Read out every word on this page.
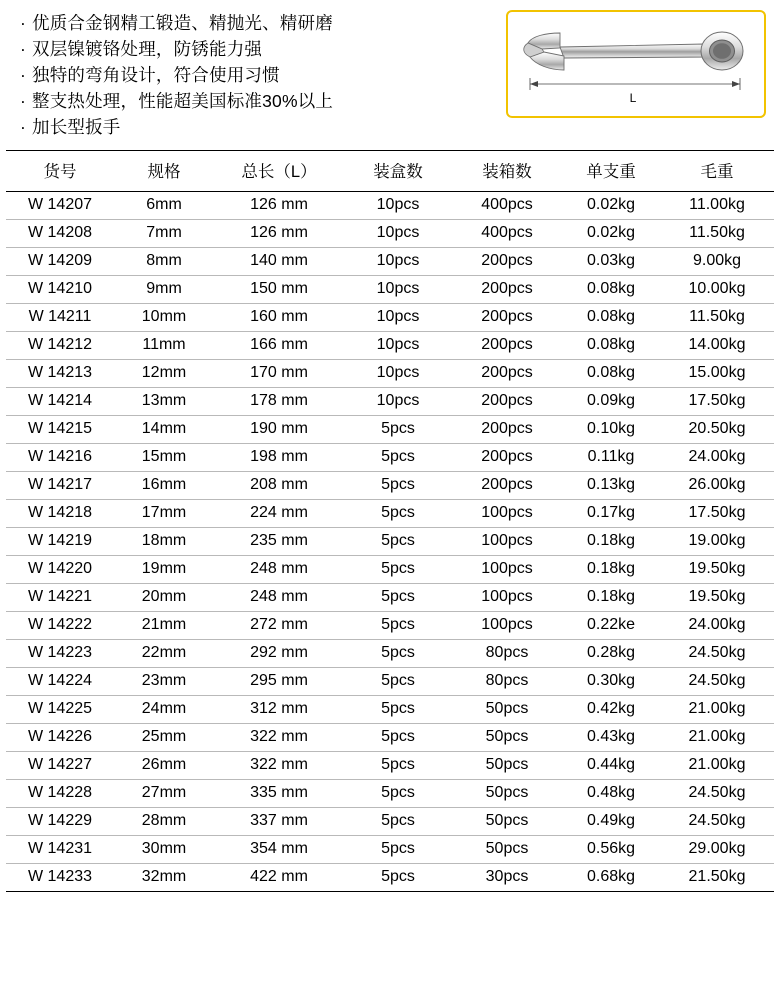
· 优质合金钢精工锻造、精抛光、精研磨
· 双层镍镀铬处理，防锈能力强
· 独特的弯角设计，符合使用习惯
· 整支热处理，性能超美国标准30%以上
· 加长型扳手
L
货号	规格	总长（L）	装盒数	装箱数	单支重	毛重
W 14207	6mm	126 mm	10pcs	400pcs	0.02kg	11.00kg
W 14208	7mm	126 mm	10pcs	400pcs	0.02kg	11.50kg
W 14209	8mm	140 mm	10pcs	200pcs	0.03kg	9.00kg
W 14210	9mm	150 mm	10pcs	200pcs	0.08kg	10.00kg
W 14211	10mm	160 mm	10pcs	200pcs	0.08kg	11.50kg
W 14212	11mm	166 mm	10pcs	200pcs	0.08kg	14.00kg
W 14213	12mm	170 mm	10pcs	200pcs	0.08kg	15.00kg
W 14214	13mm	178 mm	10pcs	200pcs	0.09kg	17.50kg
W 14215	14mm	190 mm	5pcs	200pcs	0.10kg	20.50kg
W 14216	15mm	198 mm	5pcs	200pcs	0.11kg	24.00kg
W 14217	16mm	208 mm	5pcs	200pcs	0.13kg	26.00kg
W 14218	17mm	224 mm	5pcs	100pcs	0.17kg	17.50kg
W 14219	18mm	235 mm	5pcs	100pcs	0.18kg	19.00kg
W 14220	19mm	248 mm	5pcs	100pcs	0.18kg	19.50kg
W 14221	20mm	248 mm	5pcs	100pcs	0.18kg	19.50kg
W 14222	21mm	272 mm	5pcs	100pcs	0.22ke	24.00kg
W 14223	22mm	292 mm	5pcs	80pcs	0.28kg	24.50kg
W 14224	23mm	295 mm	5pcs	80pcs	0.30kg	24.50kg
W 14225	24mm	312 mm	5pcs	50pcs	0.42kg	21.00kg
W 14226	25mm	322 mm	5pcs	50pcs	0.43kg	21.00kg
W 14227	26mm	322 mm	5pcs	50pcs	0.44kg	21.00kg
W 14228	27mm	335 mm	5pcs	50pcs	0.48kg	24.50kg
W 14229	28mm	337 mm	5pcs	50pcs	0.49kg	24.50kg
W 14231	30mm	354 mm	5pcs	50pcs	0.56kg	29.00kg
W 14233	32mm	422 mm	5pcs	30pcs	0.68kg	21.50kg
